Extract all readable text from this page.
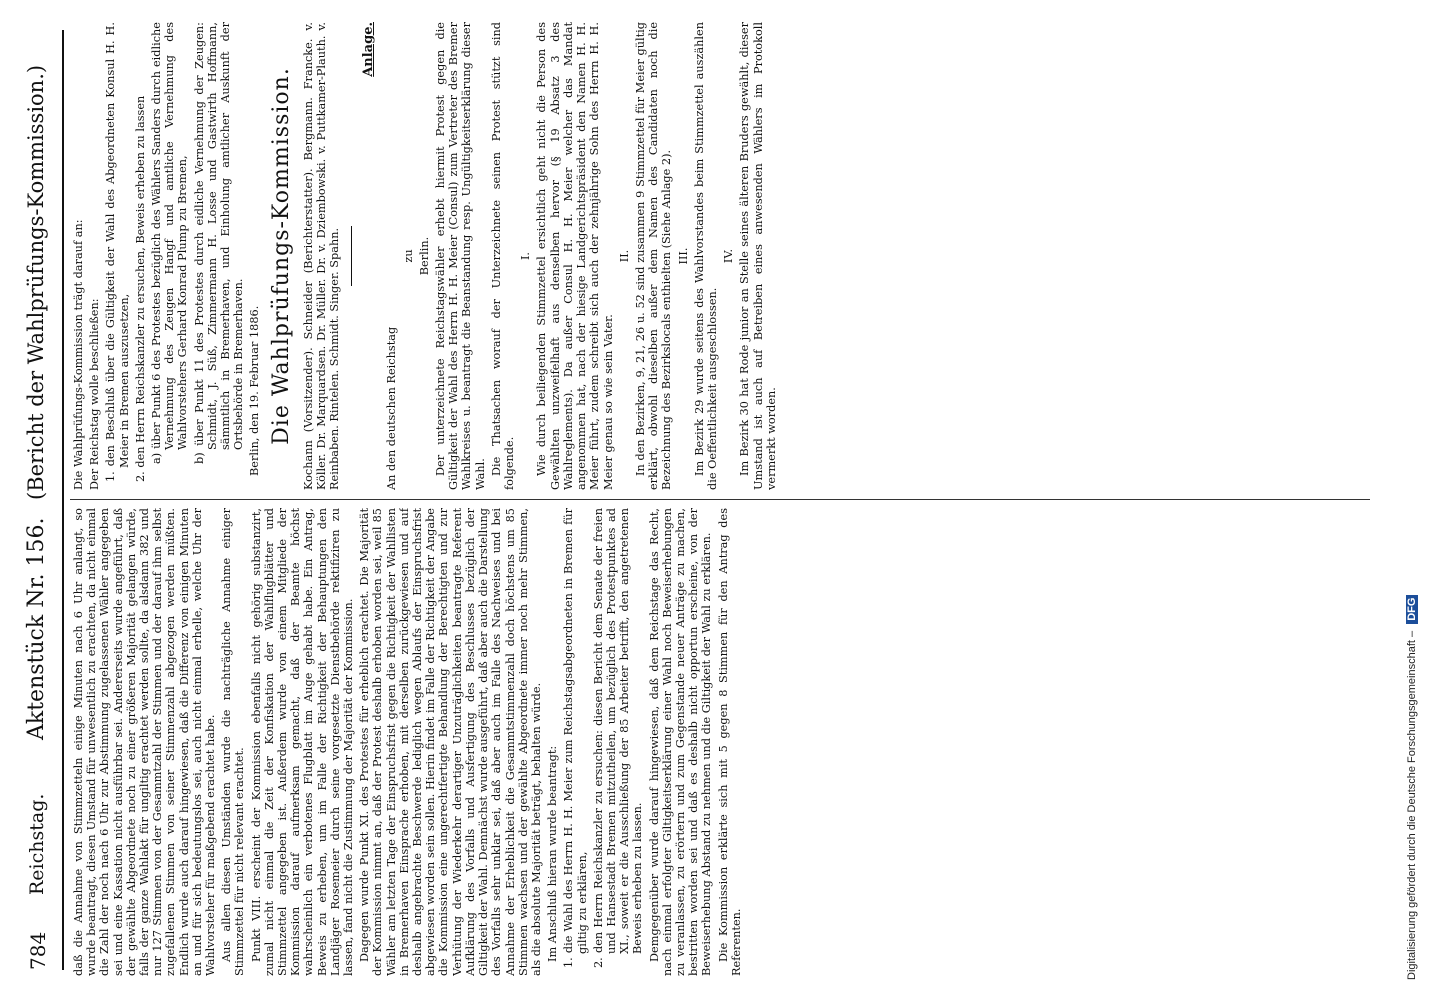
784
Reichstag.
Aktenstück Nr. 156.
(Bericht der Wahlprüfungs-Kommission.)

daß die Annahme von Stimmzetteln einige Minuten nach 6 Uhr anlangt, so wurde beantragt, diesen Umstand für unwesentlich zu erachten, da nicht einmal die Zahl der noch nach 6 Uhr zur Abstimmung zugelassenen Wähler angegeben sei und eine Kassation nicht ausführbar sei. Andererseits wurde angeführt, daß der gewählte Abgeordnete noch zu einer größeren Majorität gelangen würde, falls der ganze Wahlakt für ungiltig erachtet werden sollte, da alsdann 382 und nur 127 Stimmen von der Gesammtzahl der Stimmen und der darauf ihm selbst zugefallenen Stimmen von seiner Stimmenzahl abgezogen werden müßten. Endlich wurde auch darauf hingewiesen, daß die Differenz von einigen Minuten an und für sich bedeutungslos sei, auch nicht einmal erhelle, welche Uhr der Wahlvorsteher für maßgebend erachtet habe. Aus allen diesen Umständen wurde die nachträgliche Annahme einiger Stimmzettel für nicht relevant erachtet. Punkt VIII. erscheint der Kommission ebenfalls nicht gehörig substanzirt, zumal nicht einmal die Zeit der Konfiskation der Wahlflugblätter und Stimmzettel angegeben ist. Außerdem wurde von einem Mitgliede der Kommission darauf aufmerksam gemacht, daß der Beamte höchst wahrscheinlich ein verbotenes Flugblatt im Auge gehabt habe. Ein Antrag, Beweis zu erheben, um im Falle der Richtigkeit der Behauptungen den Landjäger Rosemeier durch seine vorgesetzte Dienstbehörde rektifiziren zu lassen, fand nicht die Zustimmung der Majorität der Kommission. Dagegen wurde Punkt XI. des Protestes für erheblich erachtet. Die Majorität der Kommission nimmt an, daß der Protest deshalb erhoben worden sei, weil 85 Wähler am letzten Tage der Einspruchsfrist gegen die Richtigkeit der Wahllisten in Bremerhaven Einsprache erhoben, mit derselben zurückgewiesen und auf deshalb angebrachte Beschwerde lediglich wegen Ablaufs der Einspruchsfrist abgewiesen worden sein sollen. Hierin findet im Falle der Richtigkeit der Angabe die Kommission eine ungerechtfertigte Behandlung der Berechtigten und zur Verhütung der Wiederkehr derartiger Unzuträglichkeiten beantragte Referent Aufklärung des Vorfalls und Ausfertigung des Beschlusses bezüglich der Giltigkeit der Wahl. Demnächst wurde ausgeführt, daß aber auch die Darstellung des Vorfalls sehr unklar sei, daß aber auch im Falle des Nachweises und bei Annahme der Erheblichkeit die Gesammtstimmenzahl doch höchstens um 85 Stimmen wachsen und der gewählte Abgeordnete immer noch mehr Stimmen, als die absolute Majorität beträgt, behalten würde. Im Anschluß hieran wurde beantragt: 1. die Wahl des Herrn H. H. Meier zum Reichstagsabgeordneten in Bremen für giltig zu erklären, 2. den Herrn Reichskanzler zu ersuchen: diesen Bericht dem Senate der freien und Hansestadt Bremen mitzutheilen, um bezüglich des Protestpunktes ad XI., soweit er die Ausschließung der 85 Arbeiter betrifft, den angetretenen Beweis erheben zu lassen. Demgegenüber wurde darauf hingewiesen, daß dem Reichstage das Recht, nach einmal erfolgter Giltigkeitserklärung einer Wahl noch Beweiserhebungen zu veranlassen, zu erörtern und zum Gegenstande neuer Anträge zu machen, bestritten worden sei und daß es deshalb nicht opportun erscheine, von der Beweiserhebung Abstand zu nehmen und die Giltigkeit der Wahl zu erklären. Die Kommission erklärte sich mit 5 gegen 8 Stimmen für den Antrag des Referenten.

Die Wahlprüfungs-Kommission trägt darauf an: Der Reichstag wolle beschließen: 1. den Beschluß über die Gültigkeit der Wahl des Abgeordneten Konsul H. H. Meier in Bremen auszusetzen, 2. den Herrn Reichskanzler zu ersuchen, Beweis erheben zu lassen a) über Punkt 6 des Protestes bezüglich des Wählers Sanders durch eidliche Vernehmung des Zeugen Hangf und amtliche Vernehmung des Wahlvorstehers Gerhard Konrad Plump zu Bremen, b) über Punkt 11 des Protestes durch eidliche Vernehmung der Zeugen: Schmidt, J. Süß, Zimmermann H. Losse und Gastwirth Hoffmann, sämmtlich in Bremerhaven, und Einholung amtlicher Auskunft der Ortsbehörde in Bremerhaven. Berlin, den 19. Februar 1886. Die Wahlprüfungs-Kommission. Kochann (Vorsitzender). Schneider (Berichterstatter). Bergmann. Francke. v. Köller. Dr. Marquardsen. Dr. Müller. Dr. v. Dziembowski. v. Puttkamer-Plauth. v. Reinbaben. Rintelen. Schmidt. Singer. Spahn.

Anlage.

An den deutschen Reichstag

zu Berlin. Der unterzeichnete Reichstagswähler erhebt hiermit Protest gegen die Gültigkeit der Wahl des Herrn H. H. Meier (Consul) zum Vertreter des Bremer Wahlkreises u. beantragt die Beanstandung resp. Ungültigkeitserklärung dieser Wahl. Die Thatsachen worauf der Unterzeichnete seinen Protest stützt sind folgende.

I. Wie durch beiliegenden Stimmzettel ersichtlich geht nicht die Person des Gewählten unzweifelhaft aus denselben hervor (§ 19 Absatz 3 des Wahlreglements). Da außer Consul H. H. Meier welcher das Mandat angenommen hat, nach der hiesige Landgerichtspräsident den Namen H. H. Meier führt, zudem schreibt sich auch der zehnjährige Sohn des Herrn H. H. Meier genau so wie sein Vater.

II. In den Bezirken, 9, 21, 26 u. 52 sind zusammen 9 Stimmzettel für Meier gültig erklärt, obwohl dieselben außer dem Namen des Candidaten noch die Bezeichnung des Bezirkslocals enthielten (Siehe Anlage 2). III. Im Bezirk 29 wurde seitens des Wahlvorstandes beim Stimmzettel auszählen die Oeffentlichkeit ausgeschlossen.

IV. Im Bezirk 30 hat Rode junior an Stelle seines älteren Bruders gewählt, dieser Umstand ist auch auf Betreiben eines anwesenden Wählers im Protokoll vermerkt worden.

Digitalisierung gefördert durch die Deutsche Forschungsgemeinschaft – DFG
